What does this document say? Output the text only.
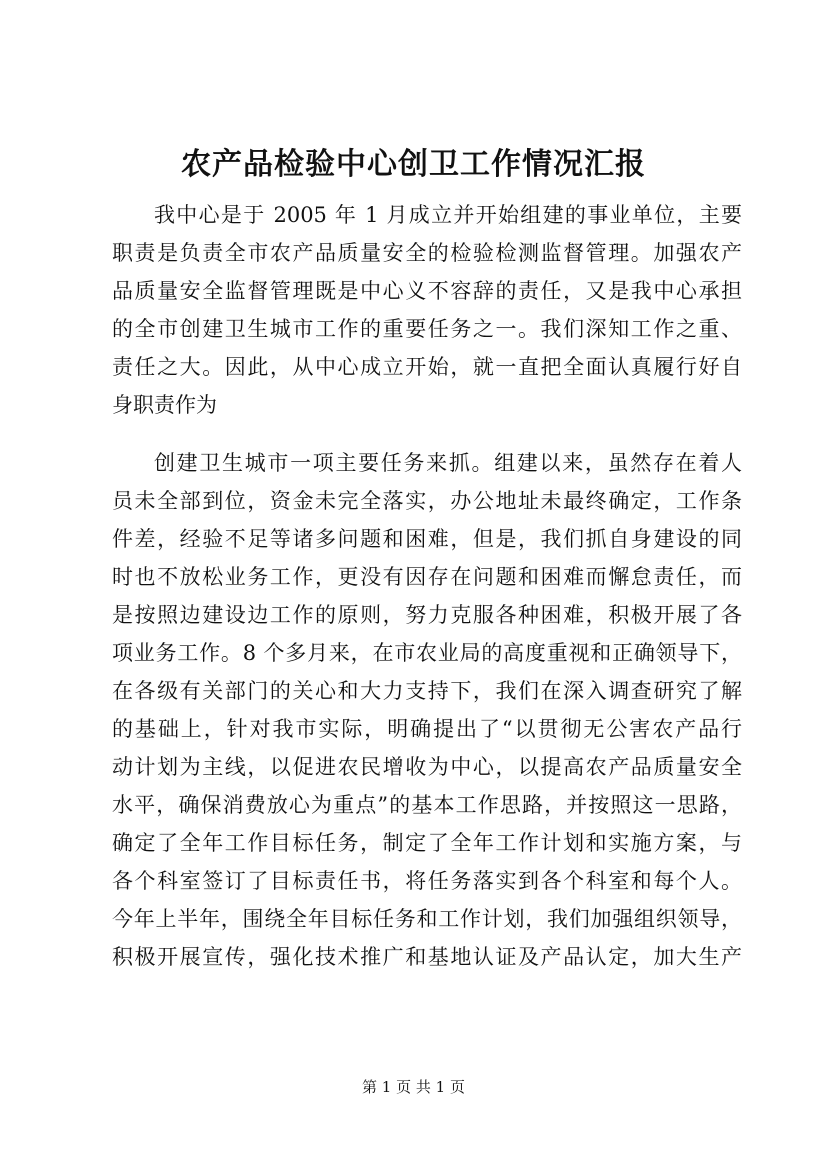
农产品检验中心创卫工作情况汇报
我中心是于 2005 年 1 月成立并开始组建的事业单位，主要
职责是负责全市农产品质量安全的检验检测监督管理。加强农产
品质量安全监督管理既是中心义不容辞的责任，又是我中心承担
的全市创建卫生城市工作的重要任务之一。我们深知工作之重、
责任之大。因此，从中心成立开始，就一直把全面认真履行好自
身职责作为
创建卫生城市一项主要任务来抓。组建以来，虽然存在着人
员未全部到位，资金未完全落实，办公地址未最终确定，工作条
件差，经验不足等诸多问题和困难，但是，我们抓自身建设的同
时也不放松业务工作，更没有因存在问题和困难而懈怠责任，而
是按照边建设边工作的原则，努力克服各种困难，积极开展了各
项业务工作。8 个多月来，在市农业局的高度重视和正确领导下，
在各级有关部门的关心和大力支持下，我们在深入调查研究了解
的基础上，针对我市实际，明确提出了“以贯彻无公害农产品行
动计划为主线，以促进农民增收为中心，以提高农产品质量安全
水平，确保消费放心为重点”的基本工作思路，并按照这一思路，
确定了全年工作目标任务，制定了全年工作计划和实施方案，与
各个科室签订了目标责任书，将任务落实到各个科室和每个人。
今年上半年，围绕全年目标任务和工作计划，我们加强组织领导，
积极开展宣传，强化技术推广和基地认证及产品认定，加大生产
第 1 页 共 1 页
